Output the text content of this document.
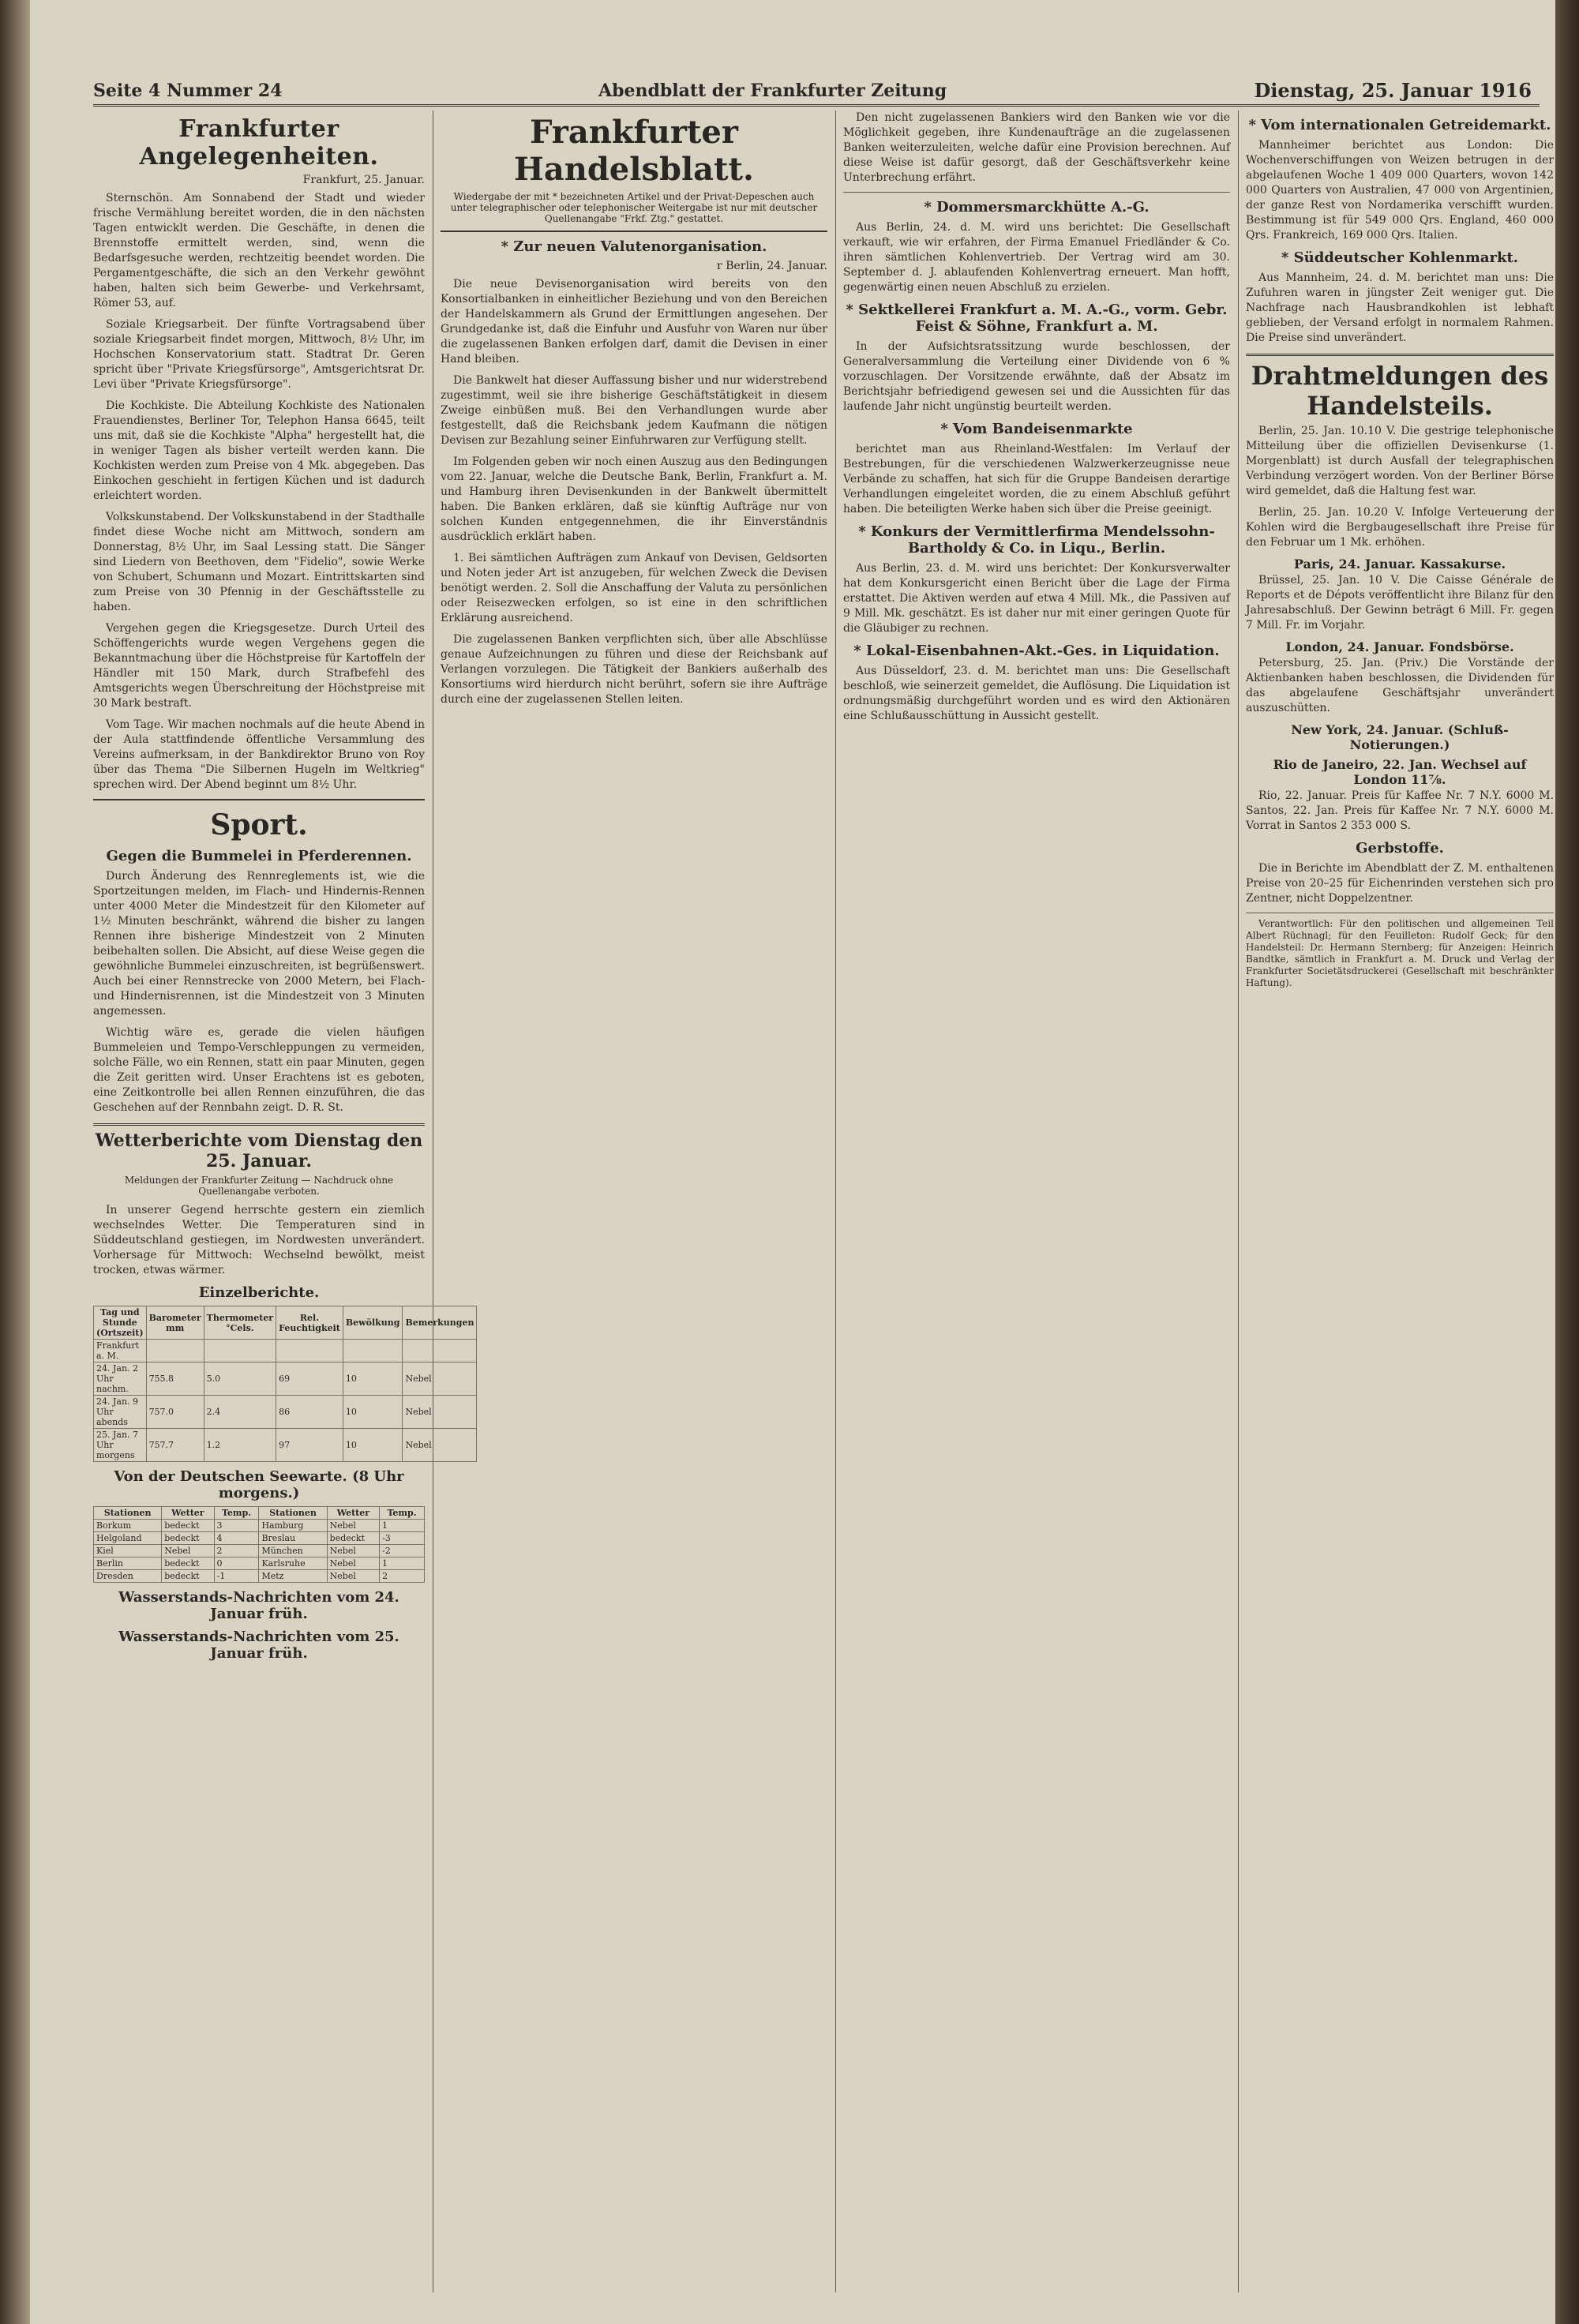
Seite 4 Nummer 24	Abendblatt der Frankfurter Zeitung	Dienstag, 25. Januar 1916
Frankfurter Angelegenheiten.
Frankfurt, 25. Januar.

Sternschön. Am Sonnabend der Stadt und wieder frische Vermählung bereitet worden, die in den nächsten Tagen entwicklt werden. Die Geschäfte, in denen die Brennstoffe ermittelt werden, sind, wenn die Bedarfsgesuche werden, rechtzeitig beendet worden. Die Pergamentgeschäfte, die sich an den Verkehr gewöhnt haben, halten sich beim Gewerbe- und Verkehrsamt, Römer 53, auf.

Soziale Kriegsarbeit. Der fünfte Vortragsabend über soziale Kriegsarbeit findet morgen, Mittwoch, 8½ Uhr, im Hochschen Konservatorium statt. Stadtrat Dr. Geren spricht über "Private Kriegsfürsorge", Amtsgerichtsrat Dr. Levi über "Private Kriegsfürsorge".

Die Kochkiste. Die Abteilung Kochkiste des Nationalen Frauendienstes, Berliner Tor, Telephon Hansa 6645, teilt uns mit, daß sie die Kochkiste "Alpha" hergestellt hat, die in weniger Tagen als bisher verteilt werden kann. Die Kochkisten werden zum Preise von 4 Mk. abgegeben. Das Einkochen geschieht in fertigen Küchen und ist dadurch erleichtert worden.

Volkskunstabend. Der Volkskunstabend in der Stadthalle findet diese Woche nicht am Mittwoch, sondern am Donnerstag, 8½ Uhr, im Saal Lessing statt. Die Sänger sind Liedern von Beethoven, dem "Fidelio", sowie Werke von Schubert, Schumann und Mozart. Eintrittskarten sind zum Preise von 30 Pfennig in der Geschäftsstelle zu haben.

Vergehen gegen die Kriegsgesetze. Durch Urteil des Schöffengerichts wurde wegen Vergehens gegen die Bekanntmachung über die Höchstpreise für Kartoffeln der Händler mit 150 Mark, durch Strafbefehl des Amtsgerichts wegen Überschreitung der Höchstpreise mit 30 Mark bestraft.

Vom Tage. Wir machen nochmals auf die heute Abend in der Aula stattfindende öffentliche Versammlung des Vereins aufmerksam, in der Bankdirektor Bruno von Roy über das Thema "Die Silbernen Hugeln im Weltkrieg" sprechen wird. Der Abend beginnt um 8½ Uhr.

Sport.
Gegen die Bummelei in Pferderennen.

Durch Änderung des Rennreglements ist, wie die Sportzeitungen melden, im Flach- und Hindernis-Rennen unter 4000 Meter die Mindestzeit für den Kilometer auf 1½ Minuten beschränkt, während die bisher zu langen Rennen ihre bisherige Mindestzeit von 2 Minuten beibehalten sollen. Die Absicht, auf diese Weise gegen die gewöhnliche Bummelei einzuschreiten, ist begrüßenswert. Auch bei einer Rennstrecke von 2000 Metern, bei Flach- und Hindernisrennen, ist die Mindestzeit von 3 Minuten angemessen.

Wichtig wäre es, gerade die vielen häufigen Bummeleien und Tempo-Verschleppungen zu vermeiden, solche Fälle, wo ein Rennen, statt ein paar Minuten, gegen die Zeit geritten wird. Unser Erachtens ist es geboten, eine Zeitkontrolle bei allen Rennen einzuführen, die das Geschehen auf der Rennbahn zeigt. D. R. St.

Wetterberichte vom Dienstag den 25. Januar.
Meldungen der Frankfurter Zeitung — Nachdruck ohne Quellenangabe verboten.

In unserer Gegend herrschte gestern ein ziemlich wechselndes Wetter. Die Temperaturen sind in Süddeutschland gestiegen, im Nordwesten unverändert. Vorhersage für Mittwoch: Wechselnd bewölkt, meist trocken, etwas wärmer.

Einzelberichte.
Tag und Stunde (Ortszeit)	Barometer mm	Thermometer °Cels.	Rel. Feuchtigkeit	Bewölkung	Bemerkungen
Frankfurt a. M.					
24. Jan. 2 Uhr nachm.	755.8	5.0	69	10	Nebel
24. Jan. 9 Uhr abends	757.0	2.4	86	10	Nebel
25. Jan. 7 Uhr morgens	757.7	1.2	97	10	Nebel
Von der Deutschen Seewarte. (8 Uhr morgens.)
Stationen	Wetter	Temp.	Stationen	Wetter	Temp.
Borkum	bedeckt	3	Hamburg	Nebel	1
Helgoland	bedeckt	4	Breslau	bedeckt	-3
Kiel	Nebel	2	München	Nebel	-2
Berlin	bedeckt	0	Karlsruhe	Nebel	1
Dresden	bedeckt	-1	Metz	Nebel	2
Wasserstands-Nachrichten vom 24. Januar früh.
Wasserstands-Nachrichten vom 25. Januar früh.
Frankfurter Handelsblatt.
Wiedergabe der mit * bezeichneten Artikel und der Privat-Depeschen auch unter telegraphischer oder telephonischer Weitergabe ist nur mit deutscher Quellenangabe "Frkf. Ztg." gestattet.
* Zur neuen Valutenorganisation.
r Berlin, 24. Januar.

Die neue Devisenorganisation wird bereits von den Konsortialbanken in einheitlicher Beziehung und von den Bereichen der Handelskammern als Grund der Ermittlungen angesehen. Der Grundgedanke ist, daß die Einfuhr und Ausfuhr von Waren nur über die zugelassenen Banken erfolgen darf, damit die Devisen in einer Hand bleiben.

Die Bankwelt hat dieser Auffassung bisher und nur widerstrebend zugestimmt, weil sie ihre bisherige Geschäftstätigkeit in diesem Zweige einbüßen muß. Bei den Verhandlungen wurde aber festgestellt, daß die Reichsbank jedem Kaufmann die nötigen Devisen zur Bezahlung seiner Einfuhrwaren zur Verfügung stellt.

Im Folgenden geben wir noch einen Auszug aus den Bedingungen vom 22. Januar, welche die Deutsche Bank, Berlin, Frankfurt a. M. und Hamburg ihren Devisenkunden in der Bankwelt übermittelt haben. Die Banken erklären, daß sie künftig Aufträge nur von solchen Kunden entgegennehmen, die ihr Einverständnis ausdrücklich erklärt haben.

1. Bei sämtlichen Aufträgen zum Ankauf von Devisen, Geldsorten und Noten jeder Art ist anzugeben, für welchen Zweck die Devisen benötigt werden. 2. Soll die Anschaffung der Valuta zu persönlichen oder Reisezwecken erfolgen, so ist eine in den schriftlichen Erklärung ausreichend.

Die zugelassenen Banken verpflichten sich, über alle Abschlüsse genaue Aufzeichnungen zu führen und diese der Reichsbank auf Verlangen vorzulegen. Die Tätigkeit der Bankiers außerhalb des Konsortiums wird hierdurch nicht berührt, sofern sie ihre Aufträge durch eine der zugelassenen Stellen leiten.

Den nicht zugelassenen Bankiers wird den Banken wie vor die Möglichkeit gegeben, ihre Kundenaufträge an die zugelassenen Banken weiterzuleiten, welche dafür eine Provision berechnen. Auf diese Weise ist dafür gesorgt, daß der Geschäftsverkehr keine Unterbrechung erfährt.

* Dommersmarckhütte A.-G.

Aus Berlin, 24. d. M. wird uns berichtet: Die Gesellschaft verkauft, wie wir erfahren, der Firma Emanuel Friedländer & Co. ihren sämtlichen Kohlenvertrieb. Der Vertrag wird am 30. September d. J. ablaufenden Kohlenvertrag erneuert. Man hofft, gegenwärtig einen neuen Abschluß zu erzielen.

* Sektkellerei Frankfurt a. M. A.-G., vorm. Gebr. Feist & Söhne, Frankfurt a. M.

In der Aufsichtsratssitzung wurde beschlossen, der Generalversammlung die Verteilung einer Dividende von 6 % vorzuschlagen. Der Vorsitzende erwähnte, daß der Absatz im Berichtsjahr befriedigend gewesen sei und die Aussichten für das laufende Jahr nicht ungünstig beurteilt werden.

* Vom Bandeisenmarkte

berichtet man aus Rheinland-Westfalen: Im Verlauf der Bestrebungen, für die verschiedenen Walzwerkerzeugnisse neue Verbände zu schaffen, hat sich für die Gruppe Bandeisen derartige Verhandlungen eingeleitet worden, die zu einem Abschluß geführt haben. Die beteiligten Werke haben sich über die Preise geeinigt.

* Konkurs der Vermittlerfirma Mendelssohn-Bartholdy & Co. in Liqu., Berlin.

Aus Berlin, 23. d. M. wird uns berichtet: Der Konkursverwalter hat dem Konkursgericht einen Bericht über die Lage der Firma erstattet. Die Aktiven werden auf etwa 4 Mill. Mk., die Passiven auf 9 Mill. Mk. geschätzt. Es ist daher nur mit einer geringen Quote für die Gläubiger zu rechnen.

* Lokal-Eisenbahnen-Akt.-Ges. in Liquidation.

Aus Düsseldorf, 23. d. M. berichtet man uns: Die Gesellschaft beschloß, wie seinerzeit gemeldet, die Auflösung. Die Liquidation ist ordnungsmäßig durchgeführt worden und es wird den Aktionären eine Schlußausschüttung in Aussicht gestellt.

* Vom internationalen Getreidemarkt.

Mannheimer berichtet aus London: Die Wochenverschiffungen von Weizen betrugen in der abgelaufenen Woche 1 409 000 Quarters, wovon 142 000 Quarters von Australien, 47 000 von Argentinien, der ganze Rest von Nordamerika verschifft wurden. Bestimmung ist für 549 000 Qrs. England, 460 000 Qrs. Frankreich, 169 000 Qrs. Italien.

* Süddeutscher Kohlenmarkt.

Aus Mannheim, 24. d. M. berichtet man uns: Die Zufuhren waren in jüngster Zeit weniger gut. Die Nachfrage nach Hausbrandkohlen ist lebhaft geblieben, der Versand erfolgt in normalem Rahmen. Die Preise sind unverändert.

Drahtmeldungen des Handelsteils.

Berlin, 25. Jan. 10.10 V. Die gestrige telephonische Mitteilung über die offiziellen Devisenkurse (1. Morgenblatt) ist durch Ausfall der telegraphischen Verbindung verzögert worden. Von der Berliner Börse wird gemeldet, daß die Haltung fest war.

Berlin, 25. Jan. 10.20 V. Infolge Verteuerung der Kohlen wird die Bergbaugesellschaft ihre Preise für den Februar um 1 Mk. erhöhen.

Paris, 24. Januar. Kassakurse.

Brüssel, 25. Jan. 10 V. Die Caisse Générale de Reports et de Dépots veröffentlicht ihre Bilanz für den Jahresabschluß. Der Gewinn beträgt 6 Mill. Fr. gegen 7 Mill. Fr. im Vorjahr.

London, 24. Januar. Fondsbörse.

Petersburg, 25. Jan. (Priv.) Die Vorstände der Aktienbanken haben beschlossen, die Dividenden für das abgelaufene Geschäftsjahr unverändert auszuschütten.

New York, 24. Januar. (Schluß-Notierungen.)
Rio de Janeiro, 22. Jan. Wechsel auf London 11⅞.

Rio, 22. Januar. Preis für Kaffee Nr. 7 N.Y. 6000 M. Santos, 22. Jan. Preis für Kaffee Nr. 7 N.Y. 6000 M. Vorrat in Santos 2 353 000 S.

Gerbstoffe.

Die in Berichte im Abendblatt der Z. M. enthaltenen Preise von 20–25 für Eichenrinden verstehen sich pro Zentner, nicht Doppelzentner.

Verantwortlich: Für den politischen und allgemeinen Teil Albert Rüchnagl; für den Feuilleton: Rudolf Geck; für den Handelsteil: Dr. Hermann Sternberg; für Anzeigen: Heinrich Bandtke, sämtlich in Frankfurt a. M. Druck und Verlag der Frankfurter Societätsdruckerei (Gesellschaft mit beschränkter Haftung).
